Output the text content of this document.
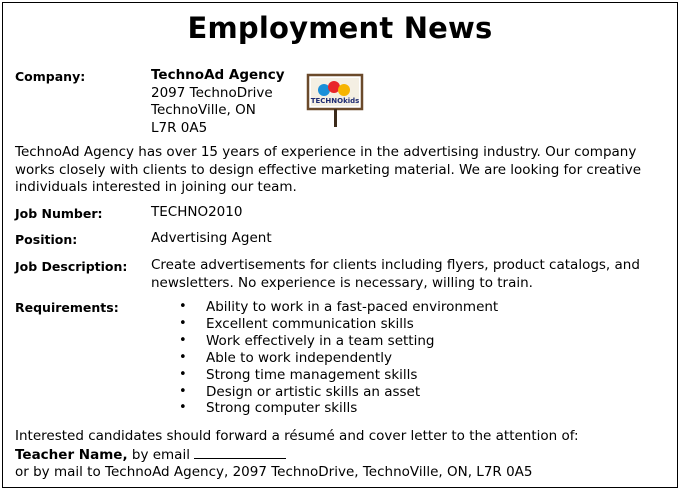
Employment News
Company:	TechnoAd Agency
2097 TechnoDrive
TechnoVille, ON
L7R 0A5
TECHNOkids
TechnoAd Agency has over 15 years of experience in the advertising industry. Our company works closely with clients to design effective marketing material. We are looking for creative individuals interested in joining our team.
Job Number:	TECHNO2010
Position:	Advertising Agent
Job Description: Create advertisements for clients including flyers, product catalogs, and newsletters. No experience is necessary, willing to train.
Requirements:
•	Ability to work in a fast-paced environment
• Excellent communication skills
• Work effectively in a team setting
• Able to work independently
• Strong time management skills
• Design or artistic skills an asset
• Strong computer skills
Interested candidates should forward a résumé and cover letter to the attention of:
Teacher Name, by email
or by mail to TechnoAd Agency, 2097 TechnoDrive, TechnoVille, ON, L7R 0A5
